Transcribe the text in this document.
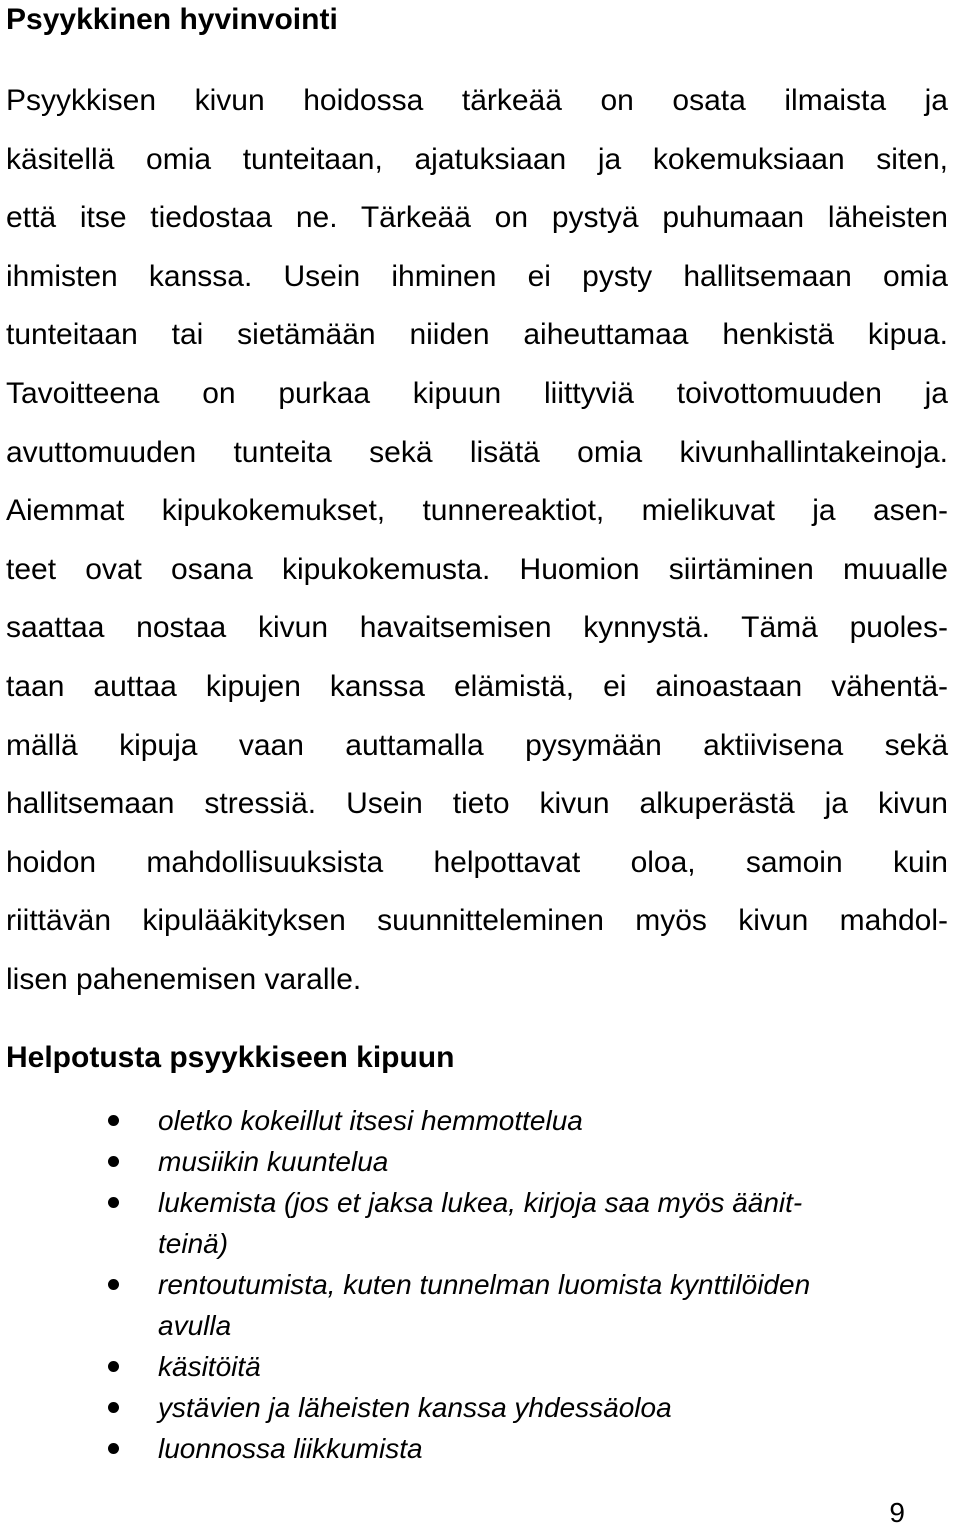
Psyykkinen hyvinvointi
Psyykkisen kivun hoidossa tärkeää on osata ilmaista ja
käsitellä omia tunteitaan, ajatuksiaan ja kokemuksiaan siten,
että itse tiedostaa ne. Tärkeää on pystyä puhumaan läheisten
ihmisten kanssa. Usein ihminen ei pysty hallitsemaan omia
tunteitaan tai sietämään niiden aiheuttamaa henkistä kipua.
Tavoitteena on purkaa kipuun liittyviä toivottomuuden ja
avuttomuuden tunteita sekä lisätä omia kivunhallintakeinoja.
Aiemmat kipukokemukset, tunnereaktiot, mielikuvat ja asen-
teet ovat osana kipukokemusta. Huomion siirtäminen muualle
saattaa nostaa kivun havaitsemisen kynnystä. Tämä puoles-
taan auttaa kipujen kanssa elämistä, ei ainoastaan vähentä-
mällä kipuja vaan auttamalla pysymään aktiivisena sekä
hallitsemaan stressiä. Usein tieto kivun alkuperästä ja kivun
hoidon mahdollisuuksista helpottavat oloa, samoin kuin
riittävän kipulääkityksen suunnitteleminen myös kivun mahdol-
lisen pahenemisen varalle.
Helpotusta psyykkiseen kipuun
oletko kokeillut itsesi hemmottelua
musiikin kuuntelua
lukemista (jos et jaksa lukea, kirjoja saa myös äänit-
teinä)
rentoutumista, kuten tunnelman luomista kynttilöiden
avulla
käsitöitä
ystävien ja läheisten kanssa yhdessäoloa
luonnossa liikkumista
9
